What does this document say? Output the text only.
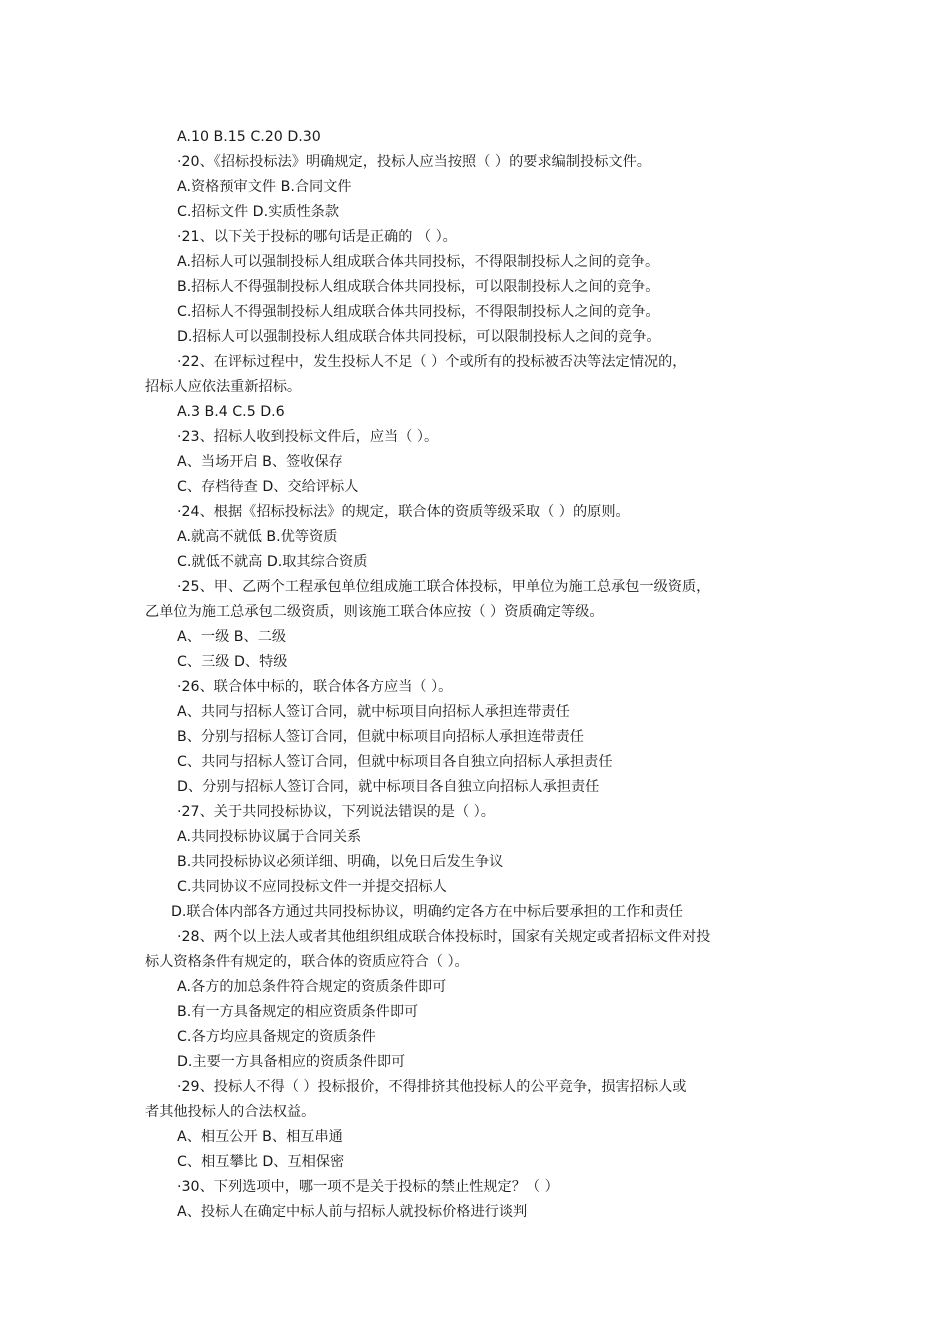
A.10 B.15 C.20 D.30
·20、《招标投标法》明确规定，投标人应当按照（ ）的要求编制投标文件。
A.资格预审文件 B.合同文件
C.招标文件 D.实质性条款
·21、以下关于投标的哪句话是正确的 （ ）。
A.招标人可以强制投标人组成联合体共同投标，不得限制投标人之间的竞争。
B.招标人不得强制投标人组成联合体共同投标，可以限制投标人之间的竞争。
C.招标人不得强制投标人组成联合体共同投标，不得限制投标人之间的竞争。
D.招标人可以强制投标人组成联合体共同投标，可以限制投标人之间的竞争。
·22、在评标过程中，发生投标人不足（ ）个或所有的投标被否决等法定情况的，
招标人应依法重新招标。
A.3 B.4 C.5 D.6
·23、招标人收到投标文件后，应当（ ）。
A、当场开启 B、签收保存
C、存档待查 D、交给评标人
·24、根据《招标投标法》的规定，联合体的资质等级采取（ ）的原则。
A.就高不就低 B.优等资质
C.就低不就高 D.取其综合资质
·25、甲、乙两个工程承包单位组成施工联合体投标，甲单位为施工总承包一级资质，
乙单位为施工总承包二级资质，则该施工联合体应按（ ）资质确定等级。
A、一级 B、二级
C、三级 D、特级
·26、联合体中标的，联合体各方应当（ ）。
A、共同与招标人签订合同，就中标项目向招标人承担连带责任
B、分别与招标人签订合同，但就中标项目向招标人承担连带责任
C、共同与招标人签订合同，但就中标项目各自独立向招标人承担责任
D、分别与招标人签订合同，就中标项目各自独立向招标人承担责任
·27、关于共同投标协议，下列说法错误的是（ ）。
A.共同投标协议属于合同关系
B.共同投标协议必须详细、明确，以免日后发生争议
C.共同协议不应同投标文件一并提交招标人
D.联合体内部各方通过共同投标协议，明确约定各方在中标后要承担的工作和责任
·28、两个以上法人或者其他组织组成联合体投标时，国家有关规定或者招标文件对投
标人资格条件有规定的，联合体的资质应符合（ ）。
A.各方的加总条件符合规定的资质条件即可
B.有一方具备规定的相应资质条件即可
C.各方均应具备规定的资质条件
D.主要一方具备相应的资质条件即可
·29、投标人不得（ ）投标报价，不得排挤其他投标人的公平竞争，损害招标人或
者其他投标人的合法权益。
A、相互公开 B、相互串通
C、相互攀比 D、互相保密
·30、下列选项中，哪一项不是关于投标的禁止性规定？（ ）
A、投标人在确定中标人前与招标人就投标价格进行谈判
